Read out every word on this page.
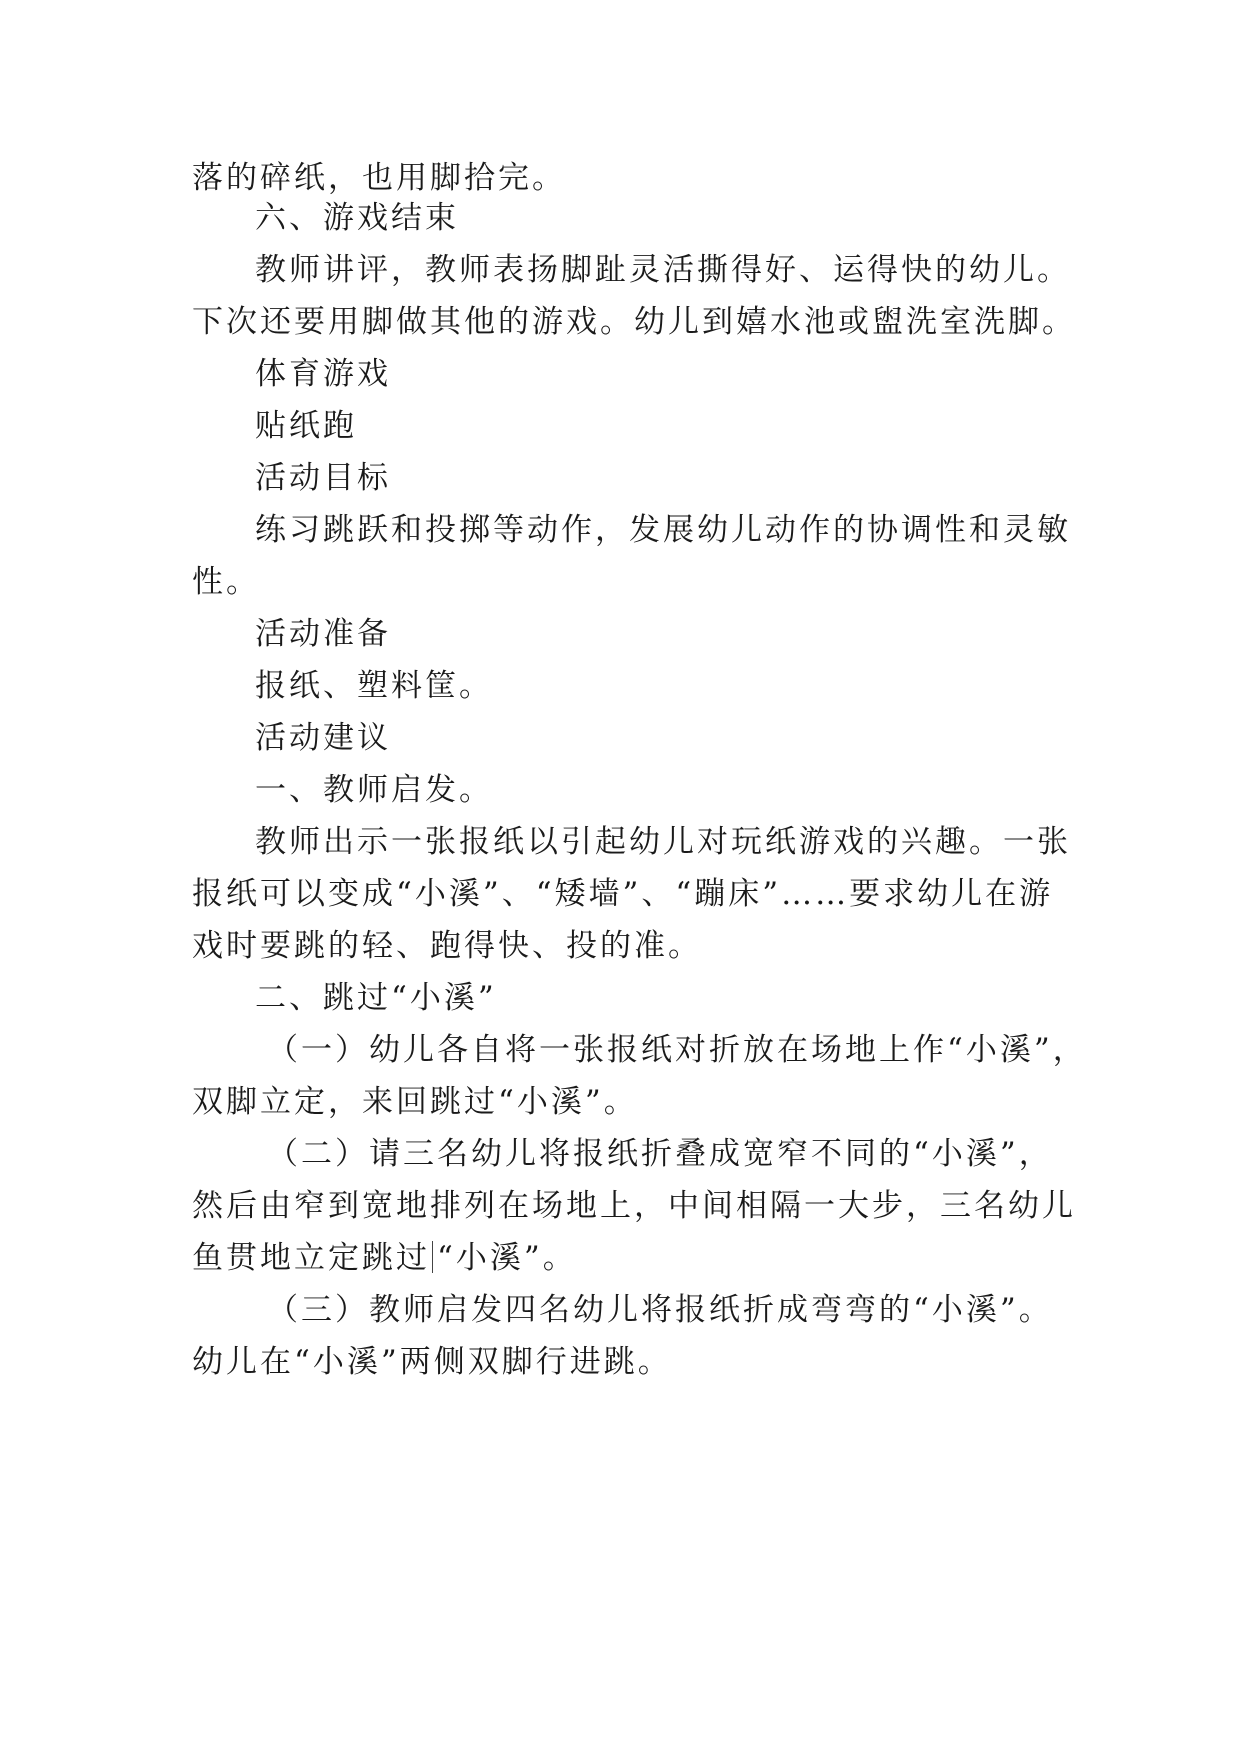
落的碎纸，也用脚拾完。
六、游戏结束
教师讲评，教师表扬脚趾灵活撕得好、运得快的幼儿。
下次还要用脚做其他的游戏。幼儿到嬉水池或盥洗室洗脚。
体育游戏
贴纸跑
活动目标
练习跳跃和投掷等动作，发展幼儿动作的协调性和灵敏
性。
活动准备
报纸、塑料筐。
活动建议
一、教师启发。
教师出示一张报纸以引起幼儿对玩纸游戏的兴趣。一张
报纸可以变成“小溪”、“矮墙”、“蹦床”……要求幼儿在游
戏时要跳的轻、跑得快、投的准。
二、跳过“小溪”
（一）幼儿各自将一张报纸对折放在场地上作“小溪”，
双脚立定，来回跳过“小溪”。
（二）请三名幼儿将报纸折叠成宽窄不同的“小溪”，
然后由窄到宽地排列在场地上，中间相隔一大步，三名幼儿
鱼贯地立定跳过 “小溪”。
（三）教师启发四名幼儿将报纸折成弯弯的“小溪”。
幼儿在“小溪”两侧双脚行进跳。
